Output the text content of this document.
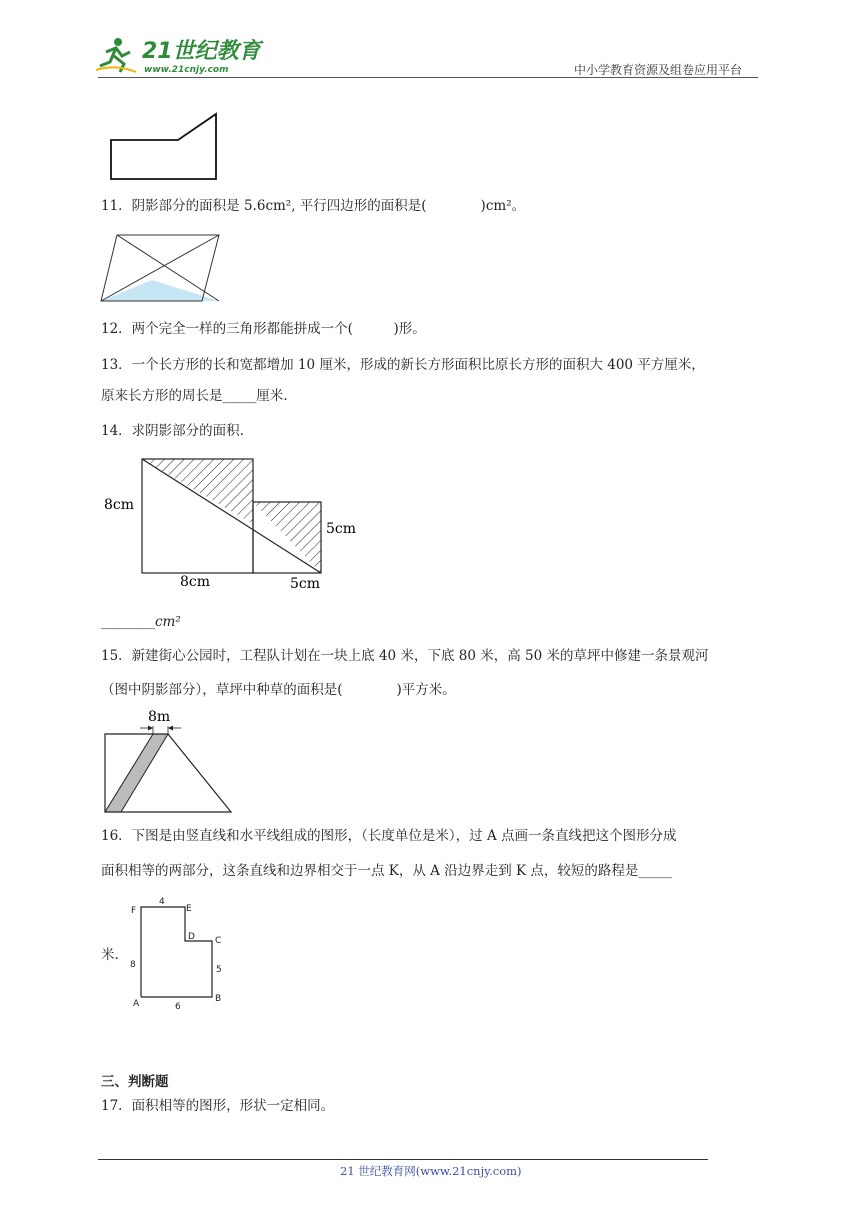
21世纪教育
www.21cnjy.com	中小学教育资源及组卷应用平台
11．阴影部分的面积是 5.6cm², 平行四边形的面积是(　　　　)cm²。
12．两个完全一样的三角形都能拼成一个(　　　)形。
13．一个长方形的长和宽都增加 10 厘米，形成的新长方形面积比原长方形的面积大 400 平方厘米，
原来长方形的周长是_____厘米.
14．求阴影部分的面积.
8cm
8cm	5cm
5cm
________cm²
15．新建街心公园时，工程队计划在一块上底 40 米，下底 80 米，高 50 米的草坪中修建一条景观河
（图中阴影部分），草坪中种草的面积是(　　　　)平方米。
8m
16．下图是由竖直线和水平线组成的图形，（长度单位是米），过 A 点画一条直线把这个图形分成
面积相等的两部分，这条直线和边界相交于一点 K，从 A 沿边界走到 K 点，较短的路程是_____
米.
F	E
D C
A	B
4
8	5
6
三、判断题
17．面积相等的图形，形状一定相同。
21 世纪教育网(www.21cnjy.com)
